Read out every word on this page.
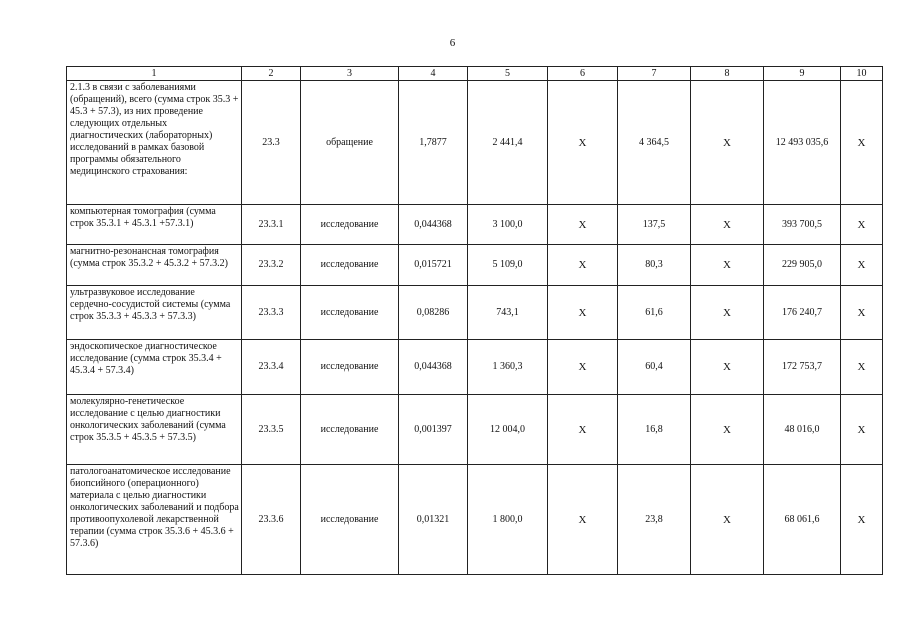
6
1	2	3	4	5	6	7	8	9	10
2.1.3 в связи с заболеваниями (обращений), всего (сумма строк 35.3 + 45.3 + 57.3), из них проведение следующих отдельных диагностических (лабораторных) исследований в рамках базовой программы обязательного медицинского страхования:	23.3	обращение	1,7877	2 441,4	X	4 364,5	X	12 493 035,6	X
компьютерная томография (сумма строк 35.3.1 + 45.3.1 +57.3.1)	23.3.1	исследование	0,044368	3 100,0	X	137,5	X	393 700,5	X
магнитно-резонансная томография (сумма строк 35.3.2 + 45.3.2 + 57.3.2)	23.3.2	исследование	0,015721	5 109,0	X	80,3	X	229 905,0	X
ультразвуковое исследование сердечно-сосудистой системы (сумма строк 35.3.3 + 45.3.3 + 57.3.3)	23.3.3	исследование	0,08286	743,1	X	61,6	X	176 240,7	X
эндоскопическое диагностическое исследование (сумма строк 35.3.4 + 45.3.4 + 57.3.4)	23.3.4	исследование	0,044368	1 360,3	X	60,4	X	172 753,7	X
молекулярно-генетическое исследование с целью диагностики онкологических заболеваний (сумма строк 35.3.5 + 45.3.5 + 57.3.5)	23.3.5	исследование	0,001397	12 004,0	X	16,8	X	48 016,0	X
патологоанатомическое исследование биопсийного (операционного) материала с целью диагностики онкологических заболеваний и подбора противоопухолевой лекарственной терапии (сумма строк 35.3.6 + 45.3.6 + 57.3.6)	23.3.6	исследование	0,01321	1 800,0	X	23,8	X	68 061,6	X
